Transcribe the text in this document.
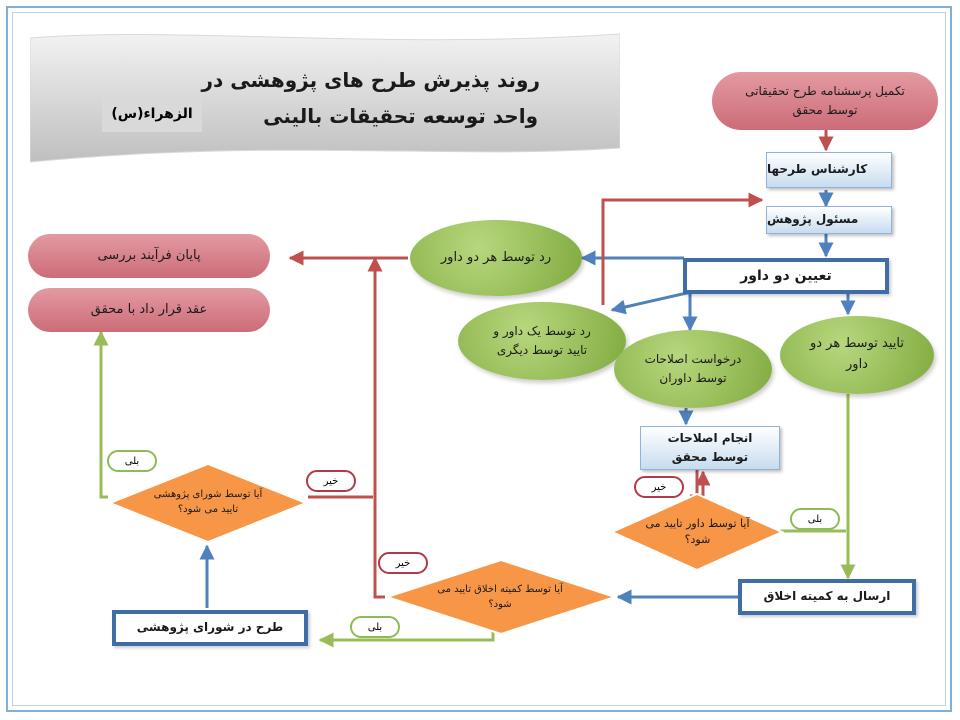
روند پذیرش طرح های پژوهشی در
واحد توسعه تحقیقات بالینی
الزهراء(س)
تکمیل پرسشنامه طرح تحقیقاتی توسط محقق
کارشناس طرحها
مسئول پژوهش
تعیین دو داور
رد توسط هر دو داور
رد توسط یک داور و تایید توسط دیگری
درخواست اصلاحات توسط داوران
تایید توسط هر دو داور
انجام اصلاحات توسط محقق
آیا توسط داور تایید می شود؟
ارسال به کمیته اخلاق
آیا توسط کمیته اخلاق تایید می شود؟
طرح در شورای پژوهشی
آیا توسط شورای پژوهشی تایید می شود؟
پایان فرآیند بررسی
عقد قرار داد با محقق
خیر
بلی
خیر
بلی
خیر
بلی
